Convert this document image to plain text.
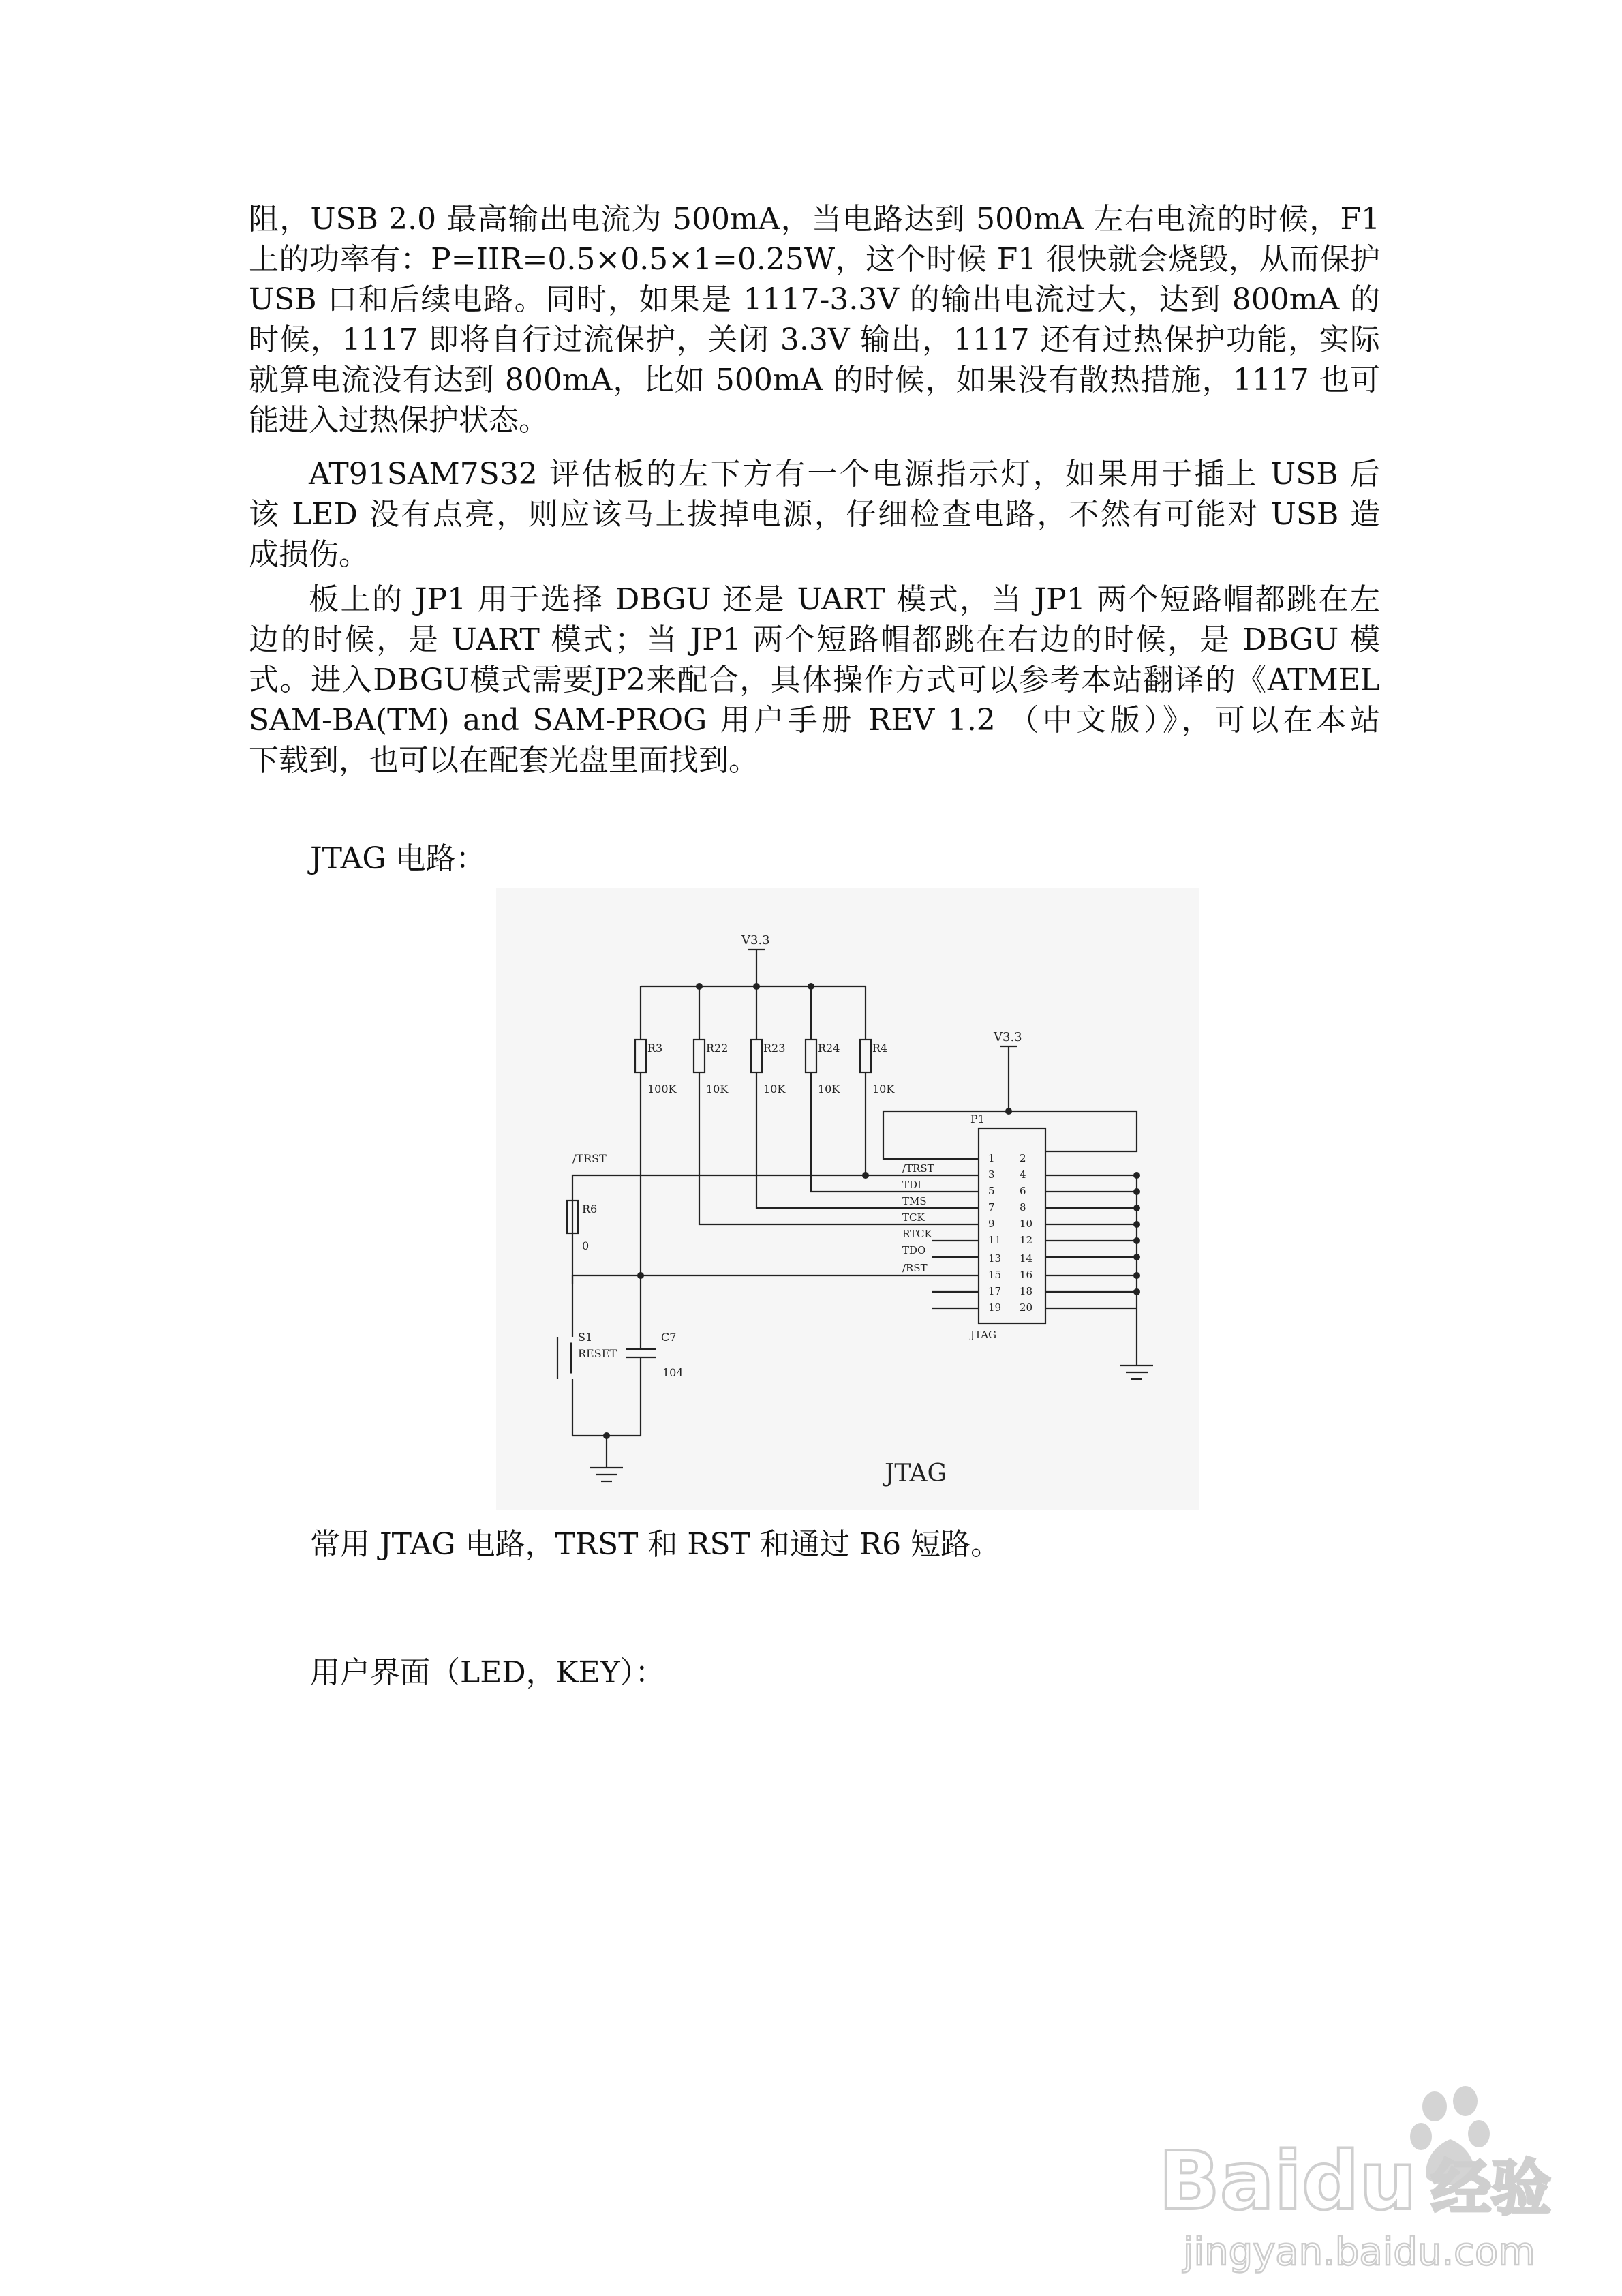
阻，USB 2.0 最高输出电流为 500mA，当电路达到 500mA 左右电流的时候，F1
上的功率有：P=IIR=0.5×0.5×1=0.25W，这个时候 F1 很快就会烧毁，从而保护
USB 口和后续电路。同时，如果是 1117-3.3V 的输出电流过大，达到 800mA 的
时候，1117 即将自行过流保护，关闭 3.3V 输出，1117 还有过热保护功能，实际
就算电流没有达到 800mA，比如 500mA 的时候，如果没有散热措施，1117 也可
能进入过热保护状态。
AT91SAM7S32 评估板的左下方有一个电源指示灯，如果用于插上 USB 后
该 LED 没有点亮，则应该马上拔掉电源，仔细检查电路，不然有可能对 USB 造
成损伤。
板上的 JP1 用于选择 DBGU 还是 UART 模式，当 JP1 两个短路帽都跳在左
边的时候，是 UART 模式；当 JP1 两个短路帽都跳在右边的时候，是 DBGU 模
式。进入DBGU模式需要JP2来配合，具体操作方式可以参考本站翻译的《ATMEL
SAM-BA(TM) and SAM-PROG 用户手册 REV 1.2 （中文版）》，可以在本站
下载到，也可以在配套光盘里面找到。

JTAG 电路：

V3.3
V3.3
R3
100K
R22
10K
R23
10K
R24
10K
R4
10K
/TRST
R6
0
S1
RESET
C7
104
P1
JTAG
/TRST
TDI
TMS
TCK
RTCK
TDO
/RST
1 2
3 4
5 6
7 8
9 10
11 12
13 14
15 16
17 18
19 20
JTAG

常用 JTAG 电路，TRST 和 RST 和通过 R6 短路。

用户界面（LED，KEY）：

Baidu 经验
jingyan.baidu.com
